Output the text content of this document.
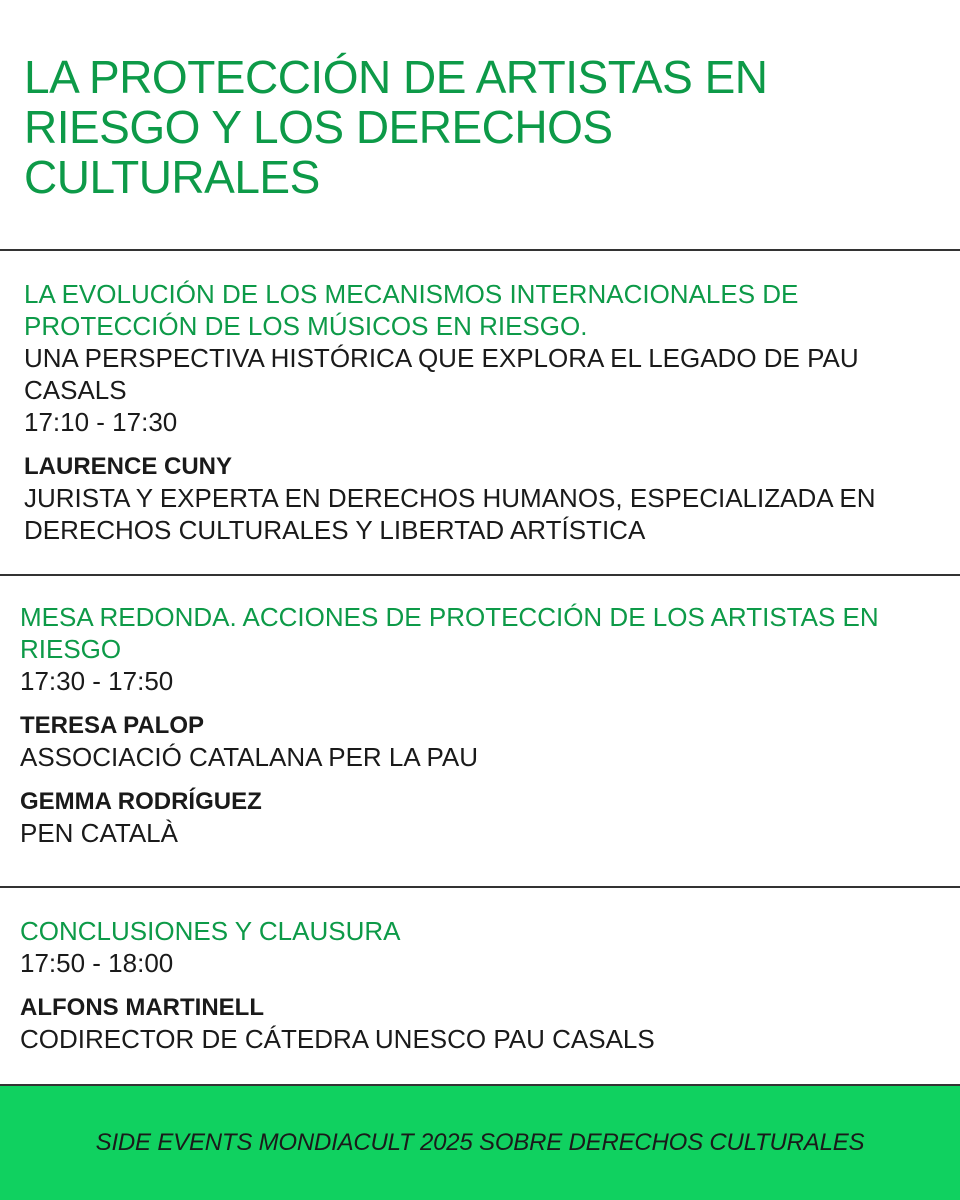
LA PROTECCIÓN DE ARTISTAS EN RIESGO Y LOS DERECHOS CULTURALES
LA EVOLUCIÓN DE LOS MECANISMOS INTERNACIONALES DE PROTECCIÓN DE LOS MÚSICOS EN RIESGO.
UNA PERSPECTIVA HISTÓRICA QUE EXPLORA EL LEGADO DE PAU CASALS
17:10 - 17:30
LAURENCE CUNY
JURISTA Y EXPERTA EN DERECHOS HUMANOS, ESPECIALIZADA EN DERECHOS CULTURALES Y LIBERTAD ARTÍSTICA
MESA REDONDA. ACCIONES DE PROTECCIÓN DE LOS ARTISTAS EN RIESGO
17:30 - 17:50
TERESA PALOP
ASSOCIACIÓ CATALANA PER LA PAU
GEMMA RODRÍGUEZ
PEN CATALÀ
CONCLUSIONES Y CLAUSURA
17:50 - 18:00
ALFONS MARTINELL
CODIRECTOR DE CÁTEDRA UNESCO PAU CASALS
SIDE EVENTS MONDIACULT 2025 SOBRE DERECHOS CULTURALES
